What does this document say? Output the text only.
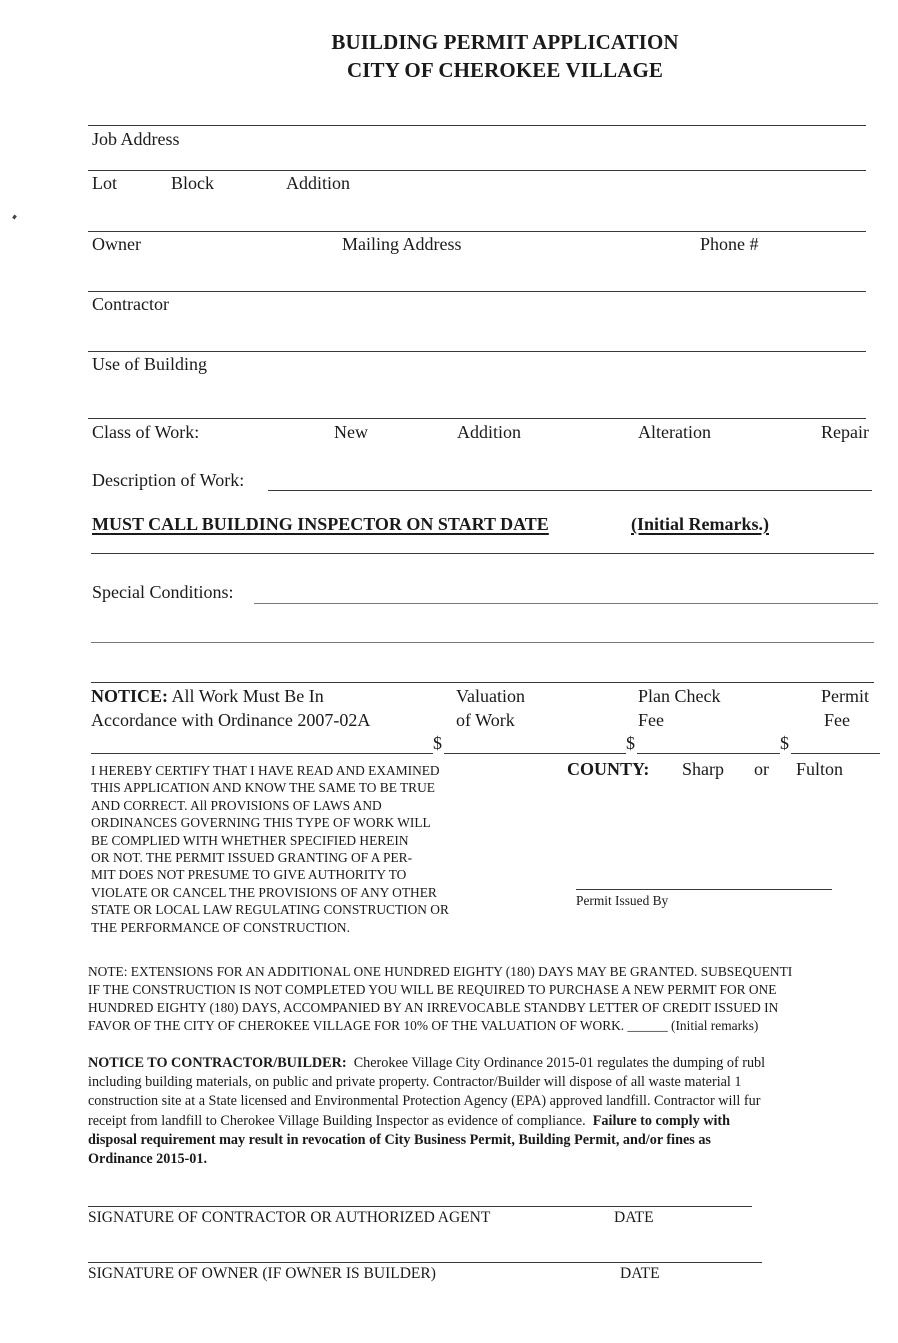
BUILDING PERMIT APPLICATION
CITY OF CHEROKEE VILLAGE
Job Address
Lot	Block	Addition
Owner	Mailing Address	Phone #
Contractor
Use of Building
Class of Work:	New	Addition	Alteration	Repair
Description of Work:
MUST CALL BUILDING INSPECTOR ON START DATE	(Initial Remarks.)
Special Conditions:
NOTICE: All Work Must Be In
Accordance with Ordinance 2007-02A
Valuation
of Work
Plan Check
Fee
Permit
Fee
$	$	$
I HEREBY CERTIFY THAT I HAVE READ AND EXAMINED
THIS APPLICATION AND KNOW THE SAME TO BE TRUE
AND CORRECT. All PROVISIONS OF LAWS AND
ORDINANCES GOVERNING THIS TYPE OF WORK WILL
BE COMPLIED WITH WHETHER SPECIFIED HEREIN
OR NOT. THE PERMIT ISSUED GRANTING OF A PER-
MIT DOES NOT PRESUME TO GIVE AUTHORITY TO
VIOLATE OR CANCEL THE PROVISIONS OF ANY OTHER
STATE OR LOCAL LAW REGULATING CONSTRUCTION OR
THE PERFORMANCE OF CONSTRUCTION.
COUNTY: Sharp or Fulton
Permit Issued By
NOTE: EXTENSIONS FOR AN ADDITIONAL ONE HUNDRED EIGHTY (180) DAYS MAY BE GRANTED. SUBSEQUENTI
IF THE CONSTRUCTION IS NOT COMPLETED YOU WILL BE REQUIRED TO PURCHASE A NEW PERMIT FOR ONE
HUNDRED EIGHTY (180) DAYS, ACCOMPANIED BY AN IRREVOCABLE STANDBY LETTER OF CREDIT ISSUED IN
FAVOR OF THE CITY OF CHEROKEE VILLAGE FOR 10% OF THE VALUATION OF WORK. ______ (Initial remarks)
NOTICE TO CONTRACTOR/BUILDER: Cherokee Village City Ordinance 2015-01 regulates the dumping of rubl
including building materials, on public and private property. Contractor/Builder will dispose of all waste material 1
construction site at a State licensed and Environmental Protection Agency (EPA) approved landfill. Contractor will fur
receipt from landfill to Cherokee Village Building Inspector as evidence of compliance. Failure to comply with
disposal requirement may result in revocation of City Business Permit, Building Permit, and/or fines as
Ordinance 2015-01.
SIGNATURE OF CONTRACTOR OR AUTHORIZED AGENT	DATE
SIGNATURE OF OWNER (IF OWNER IS BUILDER)	DATE
